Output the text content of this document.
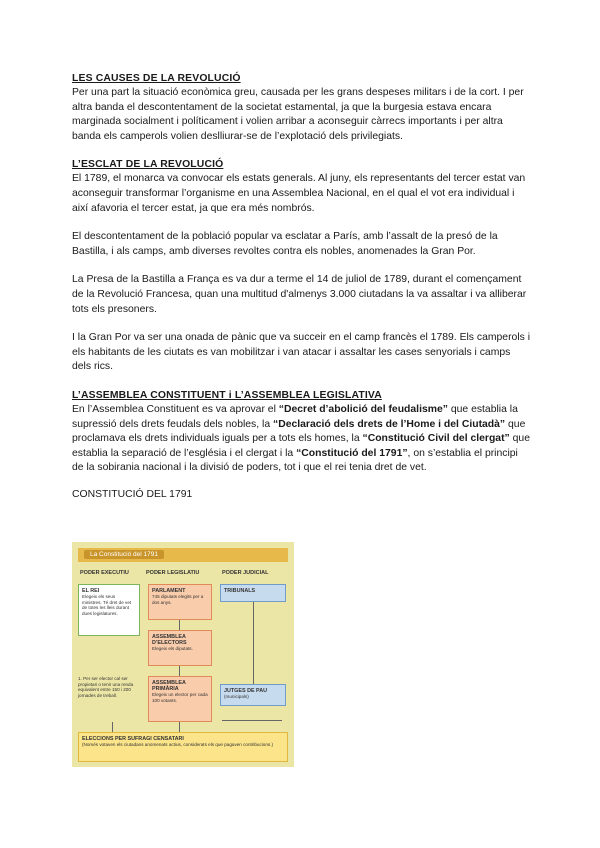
LES CAUSES DE LA REVOLUCIÓ

Per una part la situació econòmica greu, causada per les grans despeses militars i de la cort. I per altra banda el descontentament de la societat estamental, ja que la burgesia estava encara marginada socialment i políticament i volien arribar a aconseguir càrrecs importants i per altra banda els camperols volien deslliurar-se de l’explotació dels privilegiats.

L’ESCLAT DE LA REVOLUCIÓ

El 1789, el monarca va convocar els estats generals. Al juny, els representants del tercer estat van aconseguir transformar l’organisme en una Assemblea Nacional, en el qual el vot era individual i així afavoria el tercer estat, ja que era més nombrós.

El descontentament de la població popular va esclatar a París, amb l’assalt de la presó de la Bastilla, i als camps, amb diverses revoltes contra els nobles, anomenades la Gran Por.

La Presa de la Bastilla a França es va dur a terme el 14 de juliol de 1789, durant el començament de la Revolució Francesa, quan una multitud d'almenys 3.000 ciutadans la va assaltar i va alliberar tots els presoners.

I la Gran Por va ser una onada de pànic que va succeir en el camp francès el 1789. Els camperols i els habitants de les ciutats es van mobilitzar i van atacar i assaltar les cases senyorials i camps dels rics.

L’ASSEMBLEA CONSTITUENT i L’ASSEMBLEA LEGISLATIVA

En l’Assemblea Constituent es va aprovar el “Decret d’abolició del feudalisme” que establia la supressió dels drets feudals dels nobles, la “Declaració dels drets de l’Home i del Ciutadà” que proclamava els drets individuals iguals per a tots els homes, la “Constitució Civil del clergat” que establia la separació de l’església i el clergat i la “Constitució del 1791”, on s’establia el principi de la sobirania nacional i la divisió de poders, tot i que el rei tenia dret de vet.

CONSTITUCIÓ DEL 1791

La Constitució del 1791
PODER EXECUTIU	PODER LEGISLATIU	PODER JUDICIAL
EL REI
Elegeix els seus ministres. Té dret de vet de totes les lleis durant dues legislatures.
PARLAMENT
745 diputats elegits per a dos anys.
ASSEMBLEA D’ELECTORS
Elegeix els diputats.
ASSEMBLEA PRIMÀRIA
Elegeix un elector per cada 100 votants.
TRIBUNALS
JUTGES DE PAU
(municipals)
1. Per ser elector cal ser propietari o tenir una renda equivalent entre 150 i 200 jornades de treball.
ELECCIONS PER SUFRAGI CENSATARI
(Només votaven els ciutadans anomenats actius, considerats els que pagaven contribucions.)
